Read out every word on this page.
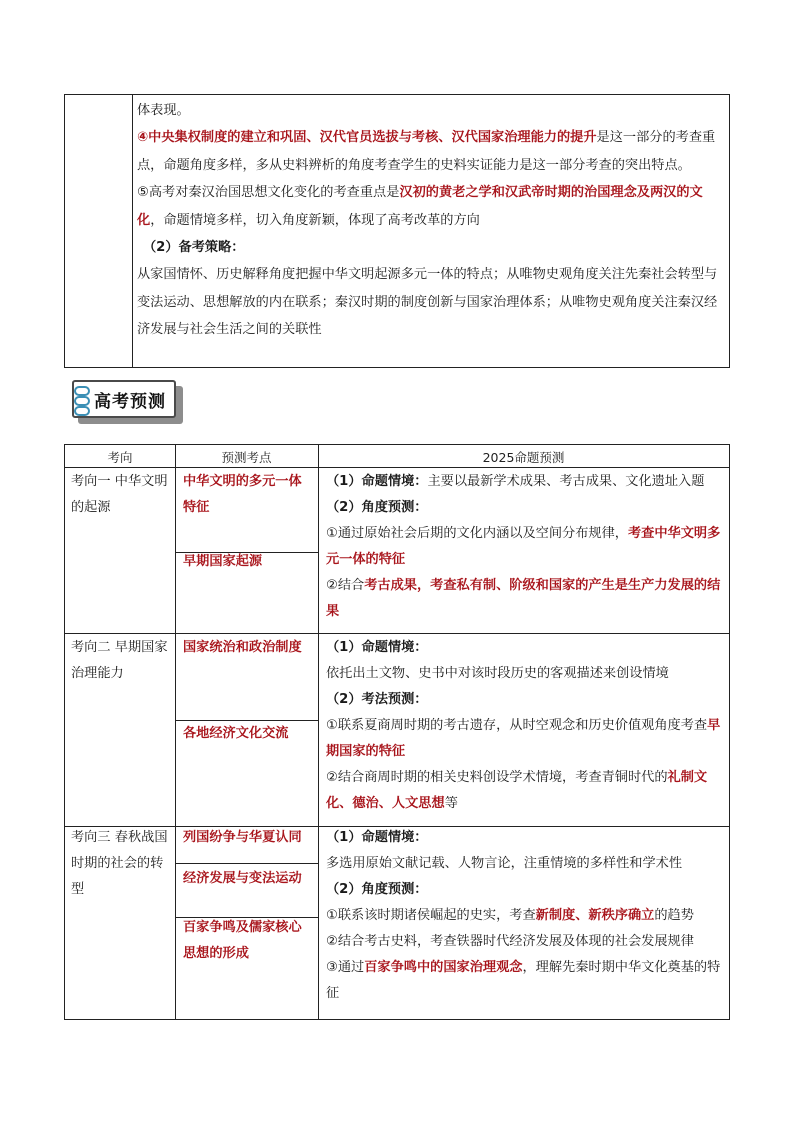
体表现。

④中央集权制度的建立和巩固、汉代官员选拔与考核、汉代国家治理能力的提升是这一部分的考查重点，命题角度多样，多从史料辨析的角度考查学生的史料实证能力是这一部分考查的突出特点。

⑤高考对秦汉治国思想文化变化的考查重点是汉初的黄老之学和汉武帝时期的治国理念及两汉的文化，命题情境多样，切入角度新颖，体现了高考改革的方向

（2）备考策略：

从家国情怀、历史解释角度把握中华文明起源多元一体的特点；从唯物史观角度关注先秦社会转型与变法运动、思想解放的内在联系；秦汉时期的制度创新与国家治理体系；从唯物史观角度关注秦汉经济发展与社会生活之间的关联性

高考预测
考向	预测考点	2025命题预测
考向一 中华文明的起源
中华文明的多元一体特征
早期国家起源
（1）命题情境：主要以最新学术成果、考古成果、文化遗址入题
（2）角度预测：
①通过原始社会后期的文化内涵以及空间分布规律，考查中华文明多元一体的特征
②结合考古成果，考查私有制、阶级和国家的产生是生产力发展的结果
考向二 早期国家治理能力
国家统治和政治制度
各地经济文化交流
（1）命题情境：
依托出土文物、史书中对该时段历史的客观描述来创设情境
（2）考法预测：
①联系夏商周时期的考古遗存，从时空观念和历史价值观角度考查早期国家的特征
②结合商周时期的相关史料创设学术情境，考查青铜时代的礼制文化、德治、人文思想等
考向三 春秋战国时期的社会的转型
列国纷争与华夏认同
经济发展与变法运动
百家争鸣及儒家核心思想的形成
（1）命题情境：
多选用原始文献记载、人物言论，注重情境的多样性和学术性
（2）角度预测：
①联系该时期诸侯崛起的史实，考查新制度、新秩序确立的趋势
②结合考古史料，考查铁器时代经济发展及体现的社会发展规律
③通过百家争鸣中的国家治理观念，理解先秦时期中华文化奠基的特征
